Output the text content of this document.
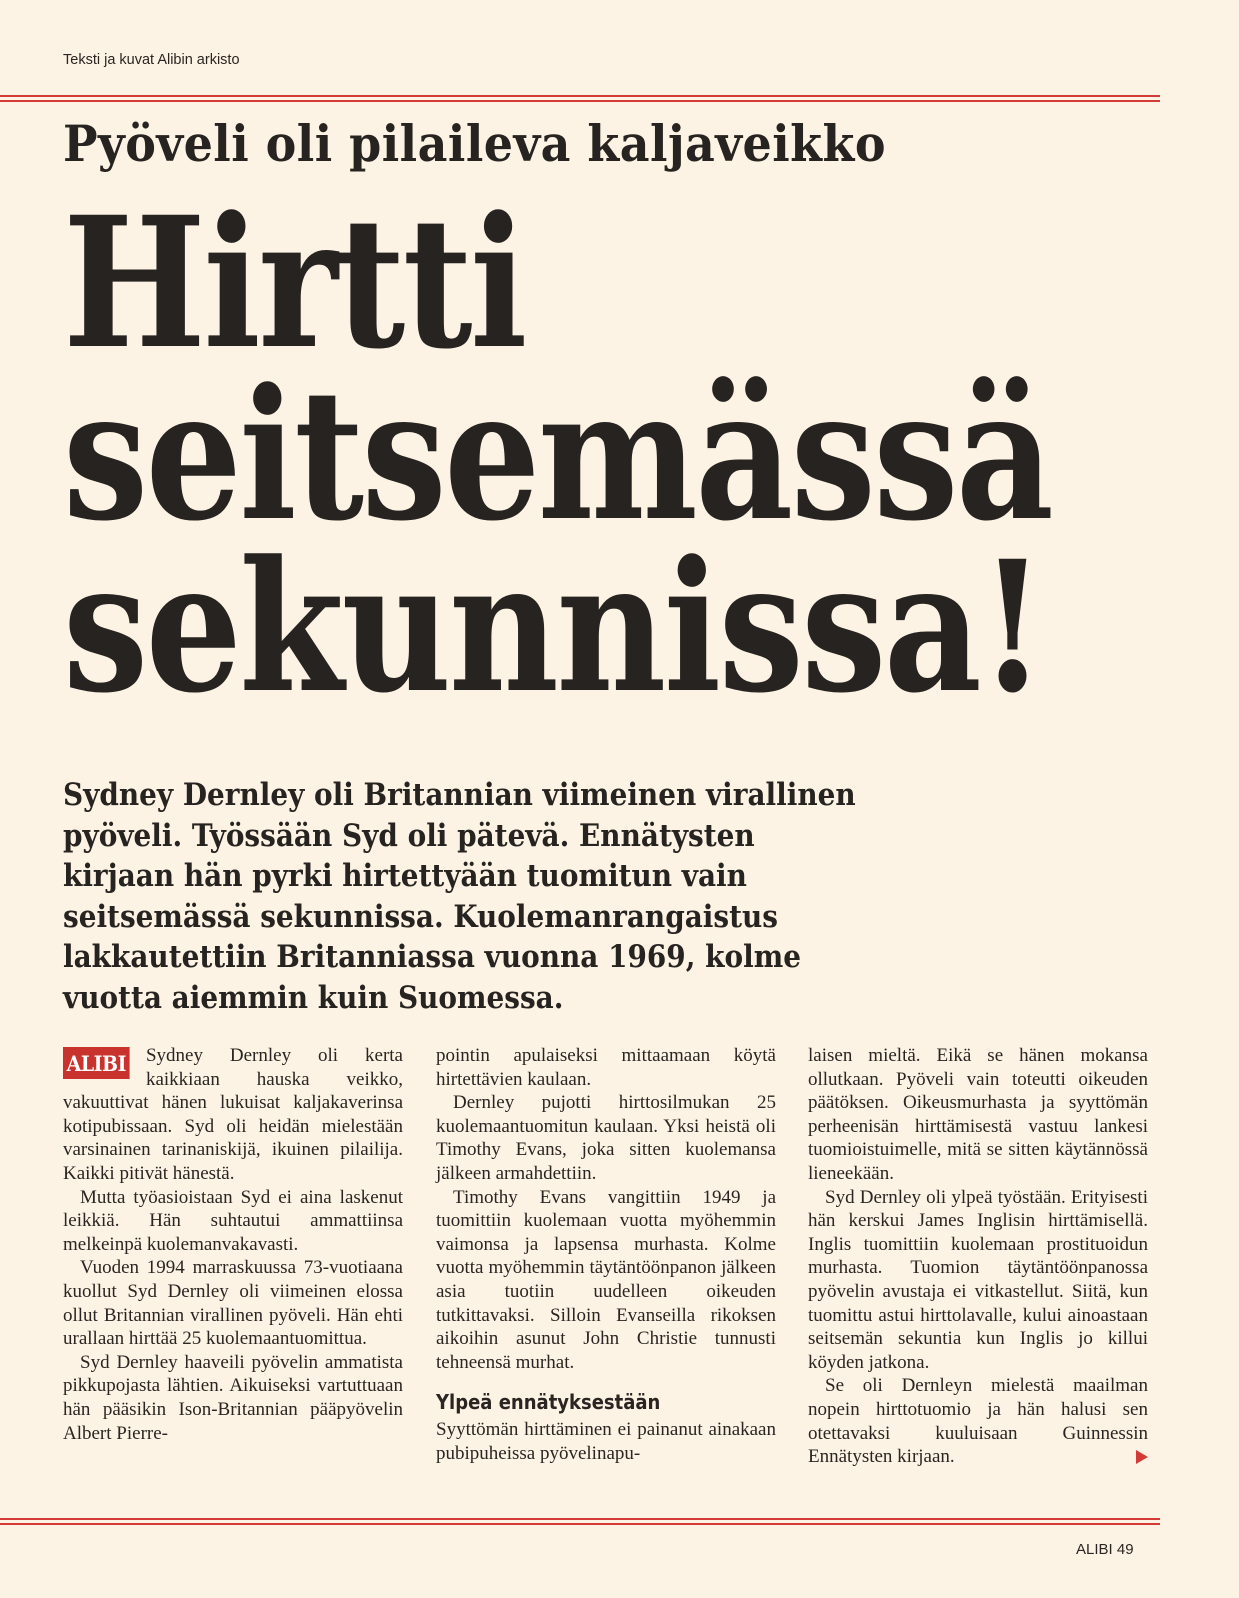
Teksti ja kuvat Alibin arkisto
Pyöveli oli pilaileva kaljaveikko
Hirtti
seitsemässä
sekunnissa!
Sydney Dernley oli Britannian viimeinen virallinen
pyöveli. Työssään Syd oli pätevä. Ennätysten
kirjaan hän pyrki hirtettyään tuomitun vain
seitsemässä sekunnissa. Kuolemanrangaistus
lakkautettiin Britanniassa vuonna 1969, kolme
vuotta aiemmin kuin Suomessa.

ALIBI Sydney Dernley oli kerta kaikkiaan hauska veikko, vakuuttivat hänen lukuisat kaljakaverinsa kotipubissaan. Syd oli heidän mielestään varsinainen tarinaniskijä, ikuinen pilailija. Kaikki pitivät hänestä.

Mutta työasioistaan Syd ei aina laskenut leikkiä. Hän suhtautui ammattiinsa melkeinpä kuolemanvakavasti.

Vuoden 1994 marraskuussa 73-vuotiaana kuollut Syd Dernley oli viimeinen elossa ollut Britannian virallinen pyöveli. Hän ehti urallaan hirttää 25 kuolemaantuomittua.

Syd Dernley haaveili pyövelin ammatista pikkupojasta lähtien. Aikuiseksi vartuttuaan hän pääsikin Ison-Britannian pääpyövelin Albert Pierre-

pointin apulaiseksi mittaamaan köytä hirtettävien kaulaan.

Dernley pujotti hirttosilmukan 25 kuolemaantuomitun kaulaan. Yksi heistä oli Timothy Evans, joka sitten kuolemansa jälkeen armahdettiin.

Timothy Evans vangittiin 1949 ja tuomittiin kuolemaan vuotta myöhemmin vaimonsa ja lapsensa murhasta. Kolme vuotta myöhemmin täytäntöönpanon jälkeen asia tuotiin uudelleen oikeuden tutkittavaksi. Silloin Evanseilla rikoksen aikoihin asunut John Christie tunnusti tehneensä murhat.

Ylpeä ennätyksestään

Syyttömän hirttäminen ei painanut ainakaan pubipuheissa pyövelinapu-

laisen mieltä. Eikä se hänen mokansa ollutkaan. Pyöveli vain toteutti oikeuden päätöksen. Oikeusmurhasta ja syyttömän perheenisän hirttämisestä vastuu lankesi tuomioistuimelle, mitä se sitten käytännössä lieneekään.

Syd Dernley oli ylpeä työstään. Erityisesti hän kerskui James Inglisin hirttämisellä. Inglis tuomittiin kuolemaan prostituoidun murhasta. Tuomion täytäntöönpanossa pyövelin avustaja ei vitkastellut. Siitä, kun tuomittu astui hirttolavalle, kului ainoastaan seitsemän sekuntia kun Inglis jo killui köyden jatkona.

Se oli Dernleyn mielestä maailman nopein hirttotuomio ja hän halusi sen otettavaksi kuuluisaan Guinnessin Ennätysten kirjaan.

ALIBI 49
